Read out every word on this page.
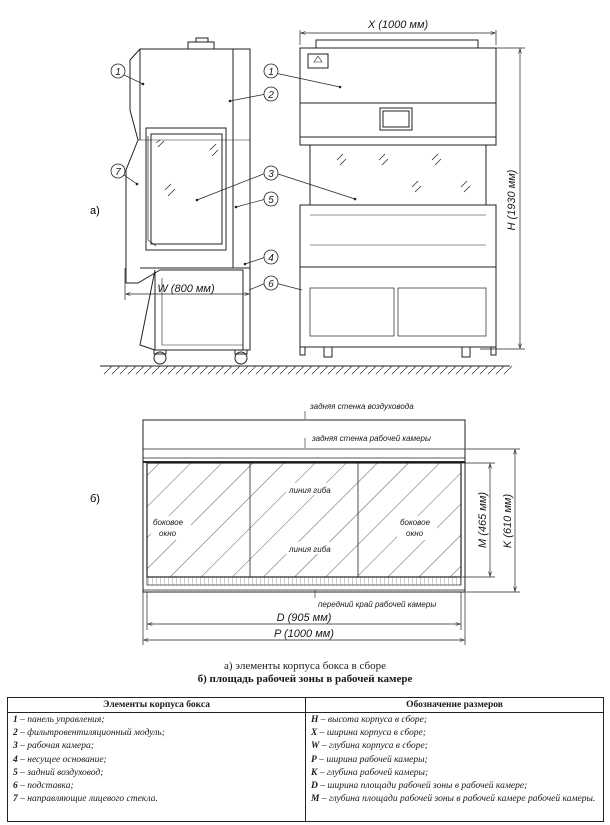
1
2
7	3
5
4
6
1
а)
W (800 мм)
X (1000 мм)
H (1930 мм)
задняя стенка воздуховода
задняя стенка рабочей камеры
линия гиба
линия гиба
боковое
окно
боковое
окно
передний край рабочей камеры
б)	M (465 мм) K (610 мм)
D (905 мм)
P (1000 мм)
а) элементы корпуса бокса в сборе
б) площадь рабочей зоны в рабочей камере
Элементы корпуса бокса
1 – панель управления;
2 – фильтровентиляционный модуль;
3 – рабочая камера;
4 – несущее основание;
5 – задний воздуховод;
6 – подставка;
7 – направляющие лицевого стекла.
Обозначение размеров
H – высота корпуса в сборе;
X – ширина корпуса в сборе;
W – глубина корпуса в сборе;
P – ширина рабочей камеры;
K – глубина рабочей камеры;
D – ширина площади рабочей зоны в рабочей камере;
M – глубина площади рабочей зоны в рабочей камере рабочей камеры.
